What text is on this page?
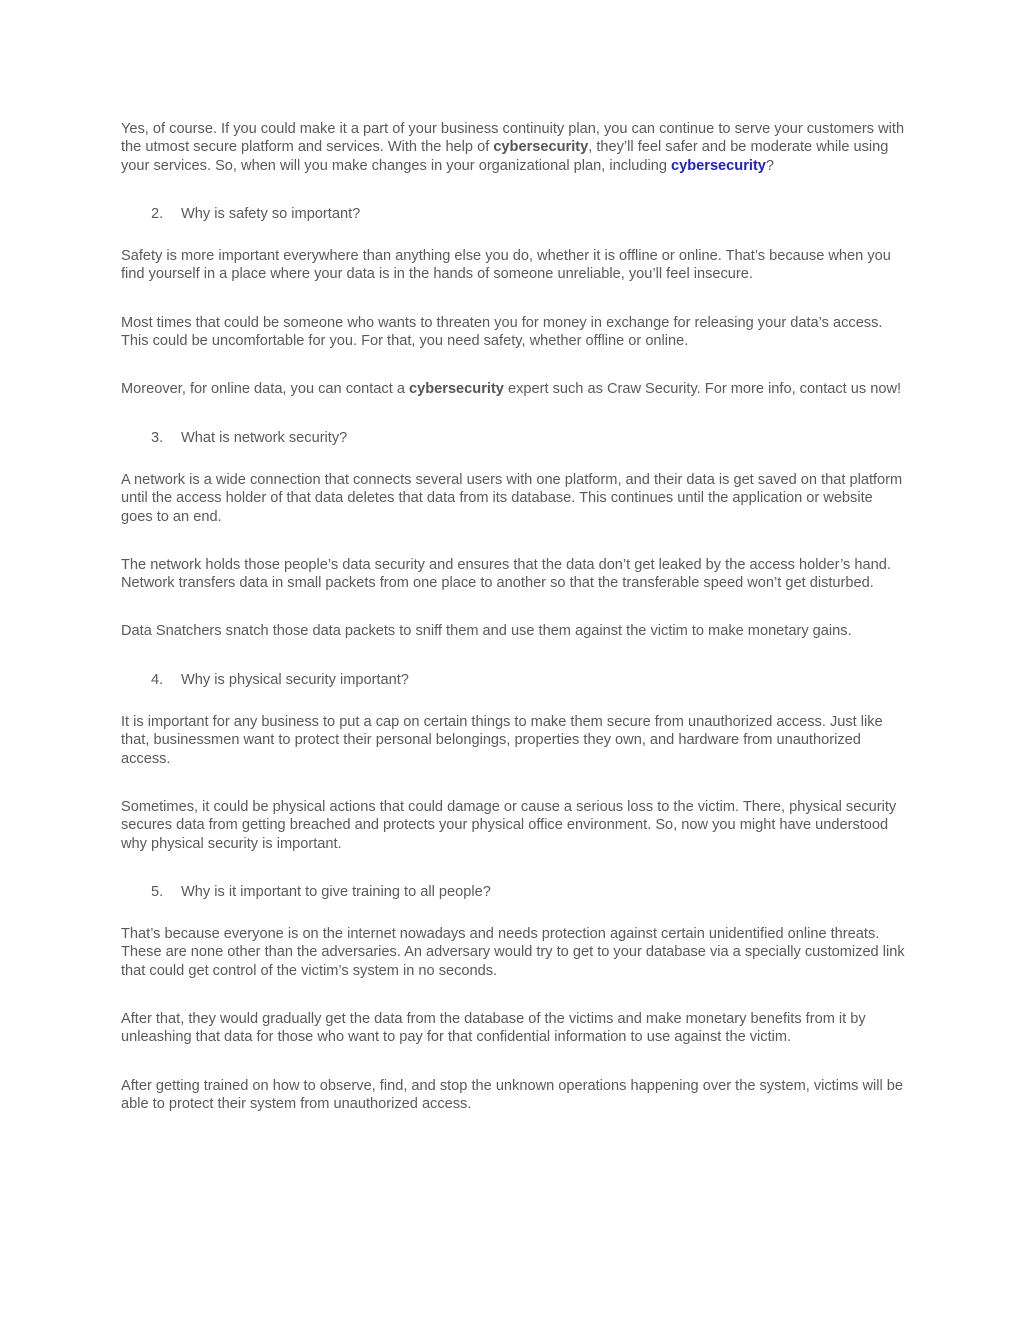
Yes, of course. If you could make it a part of your business continuity plan, you can continue to serve your customers with the utmost secure platform and services. With the help of cybersecurity, they’ll feel safer and be moderate while using your services. So, when will you make changes in your organizational plan, including cybersecurity?

2.	Why is safety so important?

Safety is more important everywhere than anything else you do, whether it is offline or online. That’s because when you find yourself in a place where your data is in the hands of someone unreliable, you’ll feel insecure.

Most times that could be someone who wants to threaten you for money in exchange for releasing your data’s access. This could be uncomfortable for you. For that, you need safety, whether offline or online.

Moreover, for online data, you can contact a cybersecurity expert such as Craw Security. For more info, contact us now!

3.	What is network security?

A network is a wide connection that connects several users with one platform, and their data is get saved on that platform until the access holder of that data deletes that data from its database. This continues until the application or website goes to an end.

The network holds those people’s data security and ensures that the data don’t get leaked by the access holder’s hand. Network transfers data in small packets from one place to another so that the transferable speed won’t get disturbed.

Data Snatchers snatch those data packets to sniff them and use them against the victim to make monetary gains.

4.	Why is physical security important?

It is important for any business to put a cap on certain things to make them secure from unauthorized access. Just like that, businessmen want to protect their personal belongings, properties they own, and hardware from unauthorized access.

Sometimes, it could be physical actions that could damage or cause a serious loss to the victim. There, physical security secures data from getting breached and protects your physical office environment. So, now you might have understood why physical security is important.

5.	Why is it important to give training to all people?

That’s because everyone is on the internet nowadays and needs protection against certain unidentified online threats. These are none other than the adversaries. An adversary would try to get to your database via a specially customized link that could get control of the victim’s system in no seconds.

After that, they would gradually get the data from the database of the victims and make monetary benefits from it by unleashing that data for those who want to pay for that confidential information to use against the victim.

After getting trained on how to observe, find, and stop the unknown operations happening over the system, victims will be able to protect their system from unauthorized access.
